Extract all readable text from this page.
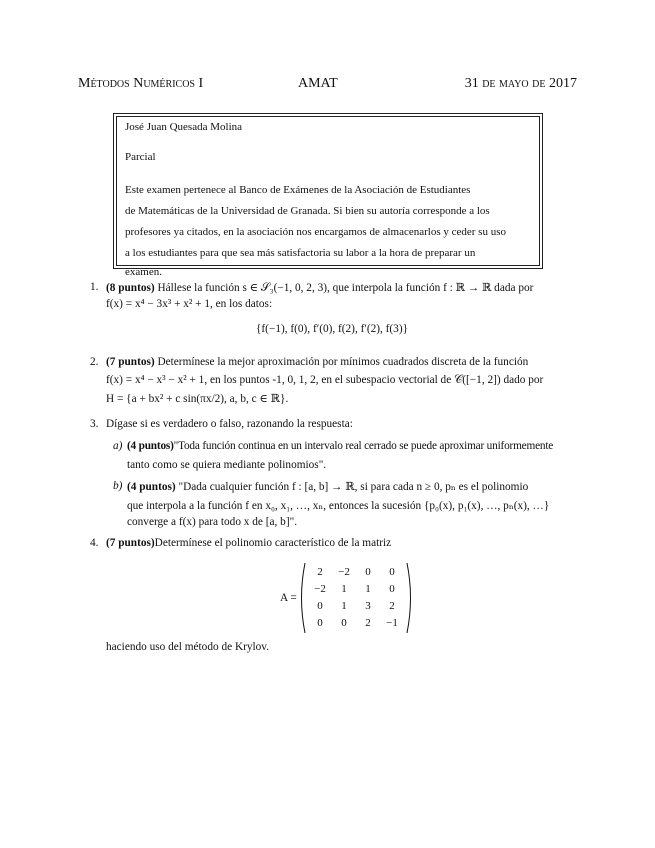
Métodos Numéricos I	AMAT	31 de mayo de 2017
José Juan Quesada Molina
Parcial
Este examen pertenece al Banco de Exámenes de la Asociación de Estudiantes
de Matemáticas de la Universidad de Granada. Si bien su autoría corresponde a los
profesores ya citados, en la asociación nos encargamos de almacenarlos y ceder su uso
a los estudiantes para que sea más satisfactoria su labor a la hora de preparar un
examen.
1. (8 puntos) Hállese la función s ∈ 𝒮₃(−1, 0, 2, 3), que interpola la función f : ℝ → ℝ dada por
f(x) = x⁴ − 3x³ + x² + 1, en los datos:
{f(−1), f(0), f′(0), f(2), f′(2), f(3)}
2. (7 puntos) Determínese la mejor aproximación por mínimos cuadrados discreta de la función
f(x) = x⁴ − x³ − x² + 1, en los puntos -1, 0, 1, 2, en el subespacio vectorial de 𝒞([−1, 2]) dado por
H = {a + bx² + c sin(πx/2), a, b, c ∈ ℝ}.
3. Dígase si es verdadero o falso, razonando la respuesta:
a) (4 puntos)"Toda función continua en un intervalo real cerrado se puede aproximar uniformemente
tanto como se quiera mediante polinomios".
b) (4 puntos) "Dada cualquier función f : [a, b] → ℝ, si para cada n ≥ 0, pₙ es el polinomio
que interpola a la función f en x₀, x₁, …, xₙ, entonces la sucesión {p₀(x), p₁(x), …, pₙ(x), …}
converge a f(x) para todo x de [a, b]".
4. (7 puntos)Determínese el polinomio característico de la matriz
A =
2	−2	0	0
−2	1	1	0
0	1	3	2
0	0	2	−1
haciendo uso del método de Krylov.
